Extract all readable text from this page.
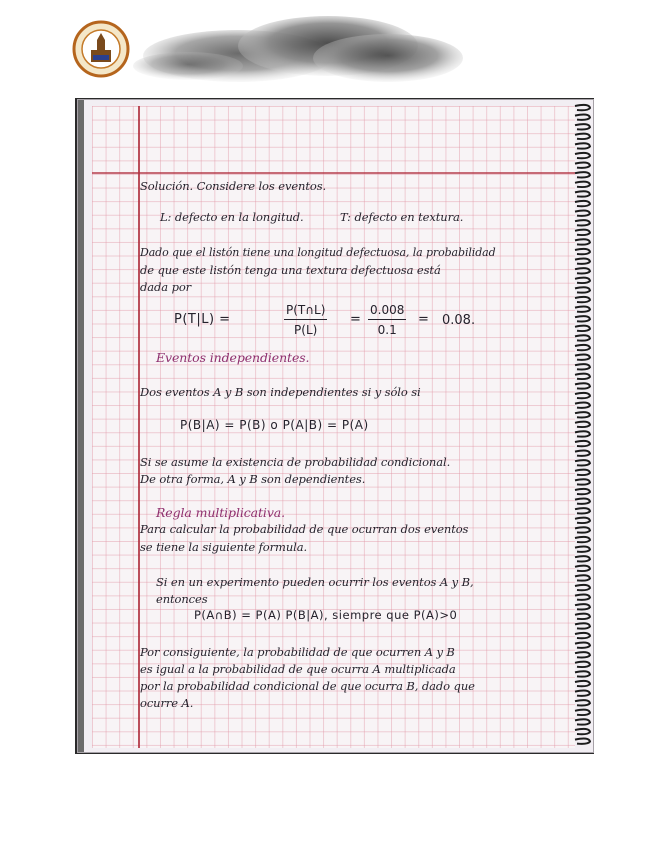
Solución. Considere los eventos.

L: defecto en la longitud.	T: defecto en textura.

Dado que el listón tiene una longitud defectuosa, la probabilidad

de que este listón tenga una textura defectuosa está

dada por

P(T|L) =	$\frac{P(T\cap L)}{P(L)} = \frac{0.008}{0.1} = 0.08$.

Eventos independientes.

Dos eventos A y B son independientes si y sólo si

P(B|A) = P(B) o P(A|B) = P(A)

Si se asume la existencia de probabilidad condicional.

De otra forma, A y B son dependientes.

Regla multiplicativa.

Para calcular la probabilidad de que ocurran dos eventos

se tiene la siguiente formula.

Si en un experimento pueden ocurrir los eventos A y B,

entonces

P(A∩B) = P(A) P(B|A), siempre que P(A)>0

Por consiguiente, la probabilidad de que ocurren A y B

es igual a la probabilidad de que ocurra A multiplicada

por la probabilidad condicional de que ocurra B, dado que

ocurre A.
